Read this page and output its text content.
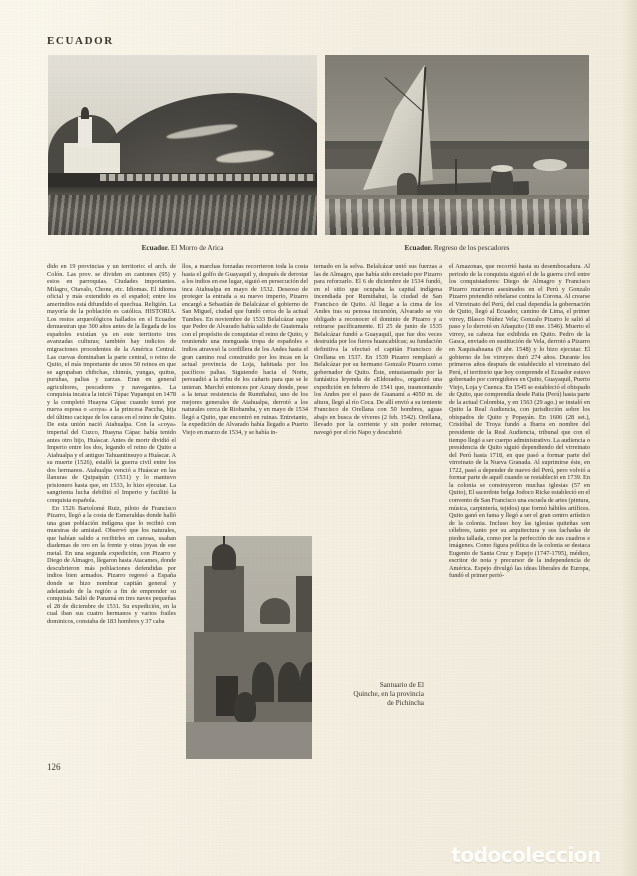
ECUADOR
Ecuador. El Morro de Arica	Ecuador. Regreso de los pescadores
dido en 19 provincias y un territorio: el arch. de Colón. Las prov. se dividen en cantones (95) y estos en parroquias. Ciudades importantes. Milagro, Otavalo, Chone, etc. Idiomas. El idioma oficial y más extendido es el español; entre los amerindios está difundido el quechua. Religión. La mayoría de la población es católica. HISTORIA. Los restos arqueológicos hallados en el Ecuador demuestran que 300 años antes de la llegada de los españoles existían ya en este territorio tres avanzadas culturas; también hay indicios de migraciones procedentes de la América Central. Las cuevas dominaban la parte central, o reino de Quito, el más importante de unos 50 reinos en que se agrupaban chibchas, chimús, yungas, quitus, puruhas, palias y zarzas. Eran en general agricultores, pescadores y navegantes. La conquista incaica la inició Túpac Yupanqui en 1478 y la completó Huayna Cápac cuando tomó por nueva esposa o «coya» a la princesa Paccha, hija del último cacique de los caras en el reino de Quito. De esta unión nació Atahualpa. Con la «coya» imperial del Cuzco, Huayna Cápac había tenido antes otro hijo, Huáscar. Antes de morir dividió el Imperio entre los dos, legando el reino de Quito a Atahualpa y el antiguo Tahuantinsuyo a Huáscar. A su muerte (1526), estalló la guerra civil entre los dos hermanos. Atahualpa venció a Huáscar en las llanuras de Quipaipán (1531) y lo mantuvo prisionero hasta que, en 1533, lo hizo ejecutar. La sangrienta lucha debilitó el Imperio y facilitó la conquista española.
En 1526 Bartolomé Ruiz, piloto de Francisco Pizarro, llegó a la costa de Esmeraldas donde halló una gran población indígena que lo recibió con muestras de amistad. Observó que los naturales, que habían salido a recibirles en canoas, usaban diademas de oro en la frente y otras joyas de ese metal. En una segunda expedición, con Pizarro y Diego de Almagro, llegaron hasta Atacames, donde descubrieron más poblaciones defendidas por indios bien armados. Pizarro regresó a España donde se hizo nombrar capitán general y adelantado de la región a fin de emprender su conquista. Salió de Panamá en tres naves pequeñas el 28 de diciembre de 1531. Su expedición, en la cual iban sus cuatro hermanos y varios frailes dominicos, constaba de 183 hombres y 37 caba
llos, a marchas forzadas recorrieron toda la costa hasta el golfo de Guayaquil y, después de derrotar a los indios en ese lugar, siguió en persecución del inca Atahualpa en mayo de 1532. Deseoso de proteger la entrada a su nuevo imperio, Pizarro encargó a Sebastián de Belalcázar el gobierno de San Miguel, ciudad que fundó cerca de la actual Tumbes. En noviembre de 1533 Belalcázar supo que Pedro de Alvarado había salido de Guatemala con el propósito de conquistar el reino de Quito, y reuniendo una menguada tropa de españoles e indios atravesó la cordillera de los Andes hasta el gran camino real construido por los incas en la actual provincia de Loja, habitada por los pacíficos paltas. Siguiendo hacia el Norte, persuadió a la tribu de los cañaris para que se le unieran. Marchó entonces por Azuay donde, pese a la tenaz resistencia de Rumiñahui, uno de los mejores generales de Atahualpa, derrotó a los naturales cerca de Riobamba, y en mayo de 1534 llegó a Quito, que encontró en ruinas. Entretanto, la expedición de Alvarado había llegado a Puerto Viejo en marzo de 1534, y se había in-
ternado en la selva. Belalcázar unió sus fuerzas a las de Almagro, que había sido enviado por Pizarro para reforzarlo. El 6 de diciembre de 1534 fundó, en el sitio que ocupaba la capital indígena incendiada por Rumiñahui, la ciudad de San Francisco de Quito. Al llegar a la cima de los Andes tras su penosa incursión, Alvarado se vio obligado a reconocer el dominio de Pizarro y a retirarse pacíficamente. El 25 de junio de 1535 Belalcázar fundó a Guayaquil, que fue dos veces destruida por los fieros huancabilcas; su fundación definitiva la efectuó el capitán Francisco de Orellana en 1537. En 1539 Pizarro remplazó a Belalcázar por su hermano Gonzalo Pizarro como gobernador de Quito. Éste, entusiasmado por la fantástica leyenda de «Eldorado», organizó una expedición en febrero de 1541 que, trasmontando los Andes por el paso de Guanamí a 4050 m. de altura, llegó al río Coca. De allí envió a su teniente Francisco de Orellana con 50 hombres, aguas abajo en busca de víveres (2 feb. 1542). Orellana, llevado por la corriente y sin poder retornar, navegó por el río Napo y descubrió
el Amazonas, que recorrió hasta su desembocadura. Al periodo de la conquista siguió el de la guerra civil entre los conquistadores: Diego de Almagro y Francisco Pizarro murieron asesinados en el Perú y Gonzalo Pizarro pretendió rebelarse contra la Corona. Al crearse el Virreinato del Perú, del cual dependía la gobernación de Quito, llegó al Ecuador, camino de Lima, el primer virrey, Blasco Núñez Vela; Gonzalo Pizarro le salió al paso y lo derrotó en Añaquito (18 ene. 1546). Muerto el virrey, su cabeza fue exhibida en Quito. Pedro de la Gasca, enviado en sustitución de Vela, derrotó a Pizarro en Xaquisahuana (9 abr. 1548) y lo hizo ejecutar. El gobierno de los virreyes duró 274 años. Durante los primeros años después de establecido el virreinato del Perú, el territorio que hoy comprende el Ecuador estuvo gobernado por corregidores en Quito, Guayaquil, Puerto Viejo, Loja y Cuenca. En 1545 se estableció el obispado de Quito, que comprendía desde Paita (Perú) hasta parte de la actual Colombia, y en 1563 (29 ago.) se instaló en Quito la Real Audiencia, con jurisdicción sobre los obispados de Quito y Popayán. En 1606 (28 set.), Cristóbal de Troya fundó a Ibarra en nombre del presidente de la Real Audiencia, tribunal que con el tiempo llegó a ser cuerpo administrativo. La audiencia o presidencia de Quito siguió dependiendo del virreinato del Perú hasta 1718, en que pasó a formar parte del virreinato de la Nueva Granada. Al suprimirse éste, en 1722, pasó a depender de nuevo del Perú, pero volvió a formar parte de aquél cuando se restableció en 1739. En la colonia se construyeron muchas iglesias (57 en Quito), El sacerdote belga Jodoco Ricke estableció en el convento de San Francisco una escuela de artes (pintura, música, carpintería, tejidos) que formó hábiles artífices. Quito ganó en fama y llegó a ser el gran centro artístico de la colonia. Incluso hoy las iglesias quiteñas son célebres, tanto por su arquitectura y sus fachadas de piedra tallada, como por la perfección de sus cuadros e imágenes. Como figura política de la colonia se destaca Eugenio de Santa Cruz y Espejo (1747-1795), médico, escritor de nota y precursor de la independencia de América. Espejo divulgó las ideas liberales de Europa, fundó el primer perió-
Santuario de El Quinche, en la provincia de Pichincha
126
todocoleccion
